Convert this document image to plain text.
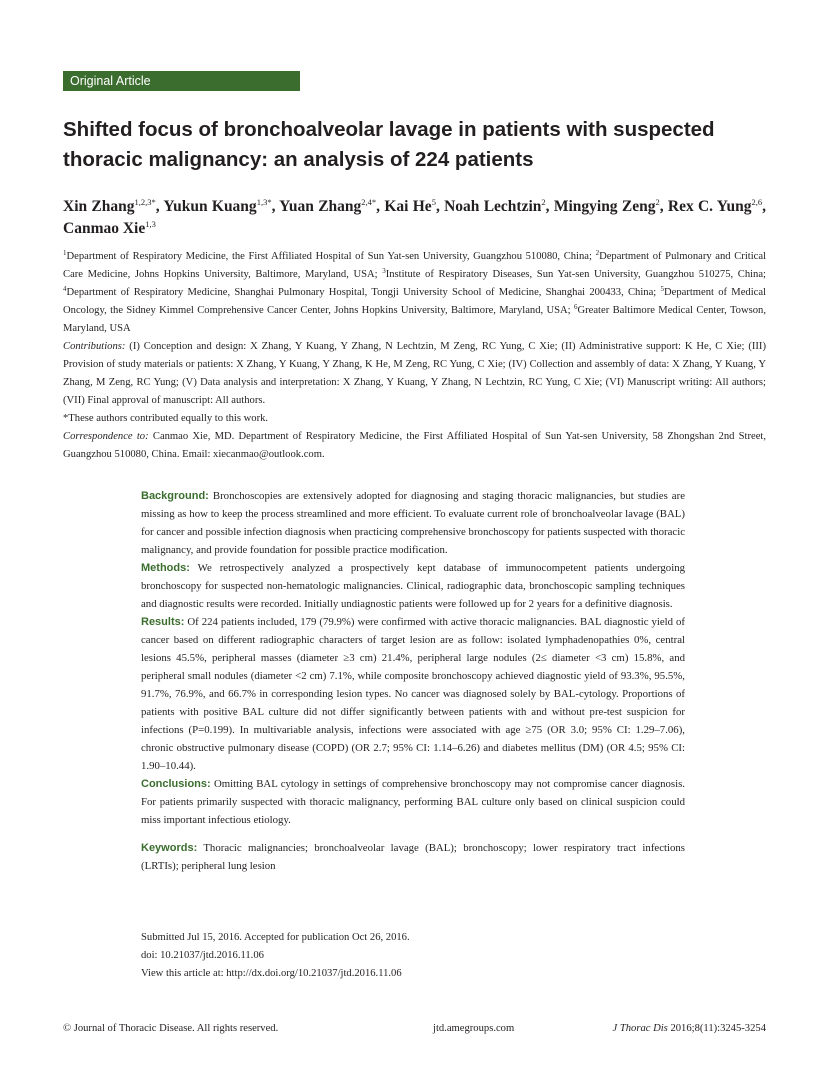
Original Article
Shifted focus of bronchoalveolar lavage in patients with suspected thoracic malignancy: an analysis of 224 patients
Xin Zhang$^{1,2,3*}$, Yukun Kuang$^{1,3*}$, Yuan Zhang$^{2,4*}$, Kai He$^5$, Noah Lechtzin$^2$, Mingying Zeng$^2$, Rex C. Yung$^{2,6}$, Canmao Xie$^{1,3}$

$^1$Department of Respiratory Medicine, the First Affiliated Hospital of Sun Yat-sen University, Guangzhou 510080, China; $^2$Department of Pulmonary and Critical Care Medicine, Johns Hopkins University, Baltimore, Maryland, USA; $^3$Institute of Respiratory Diseases, Sun Yat-sen University, Guangzhou 510275, China; $^4$Department of Respiratory Medicine, Shanghai Pulmonary Hospital, Tongji University School of Medicine, Shanghai 200433, China; $^5$Department of Medical Oncology, the Sidney Kimmel Comprehensive Cancer Center, Johns Hopkins University, Baltimore, Maryland, USA; $^6$Greater Baltimore Medical Center, Towson, Maryland, USA

Contributions: (I) Conception and design: X Zhang, Y Kuang, Y Zhang, N Lechtzin, M Zeng, RC Yung, C Xie; (II) Administrative support: K He, C Xie; (III) Provision of study materials or patients: X Zhang, Y Kuang, Y Zhang, K He, M Zeng, RC Yung, C Xie; (IV) Collection and assembly of data: X Zhang, Y Kuang, Y Zhang, M Zeng, RC Yung; (V) Data analysis and interpretation: X Zhang, Y Kuang, Y Zhang, N Lechtzin, RC Yung, C Xie; (VI) Manuscript writing: All authors; (VII) Final approval of manuscript: All authors.

*These authors contributed equally to this work.

Correspondence to: Canmao Xie, MD. Department of Respiratory Medicine, the First Affiliated Hospital of Sun Yat-sen University, 58 Zhongshan 2nd Street, Guangzhou 510080, China. Email: xiecanmao@outlook.com.

Background: Bronchoscopies are extensively adopted for diagnosing and staging thoracic malignancies, but studies are missing as how to keep the process streamlined and more efficient. To evaluate current role of bronchoalveolar lavage (BAL) for cancer and possible infection diagnosis when practicing comprehensive bronchoscopy for patients suspected with thoracic malignancy, and provide foundation for possible practice modification.

Methods: We retrospectively analyzed a prospectively kept database of immunocompetent patients undergoing bronchoscopy for suspected non-hematologic malignancies. Clinical, radiographic data, bronchoscopic sampling techniques and diagnostic results were recorded. Initially undiagnostic patients were followed up for 2 years for a definitive diagnosis.

Results: Of 224 patients included, 179 (79.9%) were confirmed with active thoracic malignancies. BAL diagnostic yield of cancer based on different radiographic characters of target lesion are as follow: isolated lymphadenopathies 0%, central lesions 45.5%, peripheral masses (diameter ≥3 cm) 21.4%, peripheral large nodules (2≤ diameter <3 cm) 15.8%, and peripheral small nodules (diameter <2 cm) 7.1%, while composite bronchoscopy achieved diagnostic yield of 93.3%, 95.5%, 91.7%, 76.9%, and 66.7% in corresponding lesion types. No cancer was diagnosed solely by BAL-cytology. Proportions of patients with positive BAL culture did not differ significantly between patients with and without pre-test suspicion for infections (P=0.199). In multivariable analysis, infections were associated with age ≥75 (OR 3.0; 95% CI: 1.29–7.06), chronic obstructive pulmonary disease (COPD) (OR 2.7; 95% CI: 1.14–6.26) and diabetes mellitus (DM) (OR 4.5; 95% CI: 1.90–10.44).

Conclusions: Omitting BAL cytology in settings of comprehensive bronchoscopy may not compromise cancer diagnosis. For patients primarily suspected with thoracic malignancy, performing BAL culture only based on clinical suspicion could miss important infectious etiology.

Keywords: Thoracic malignancies; bronchoalveolar lavage (BAL); bronchoscopy; lower respiratory tract infections (LRTIs); peripheral lung lesion

Submitted Jul 15, 2016. Accepted for publication Oct 26, 2016.

doi: 10.21037/jtd.2016.11.06

View this article at: http://dx.doi.org/10.21037/jtd.2016.11.06

© Journal of Thoracic Disease. All rights reserved.	jtd.amegroups.com	J Thorac Dis 2016;8(11):3245-3254
